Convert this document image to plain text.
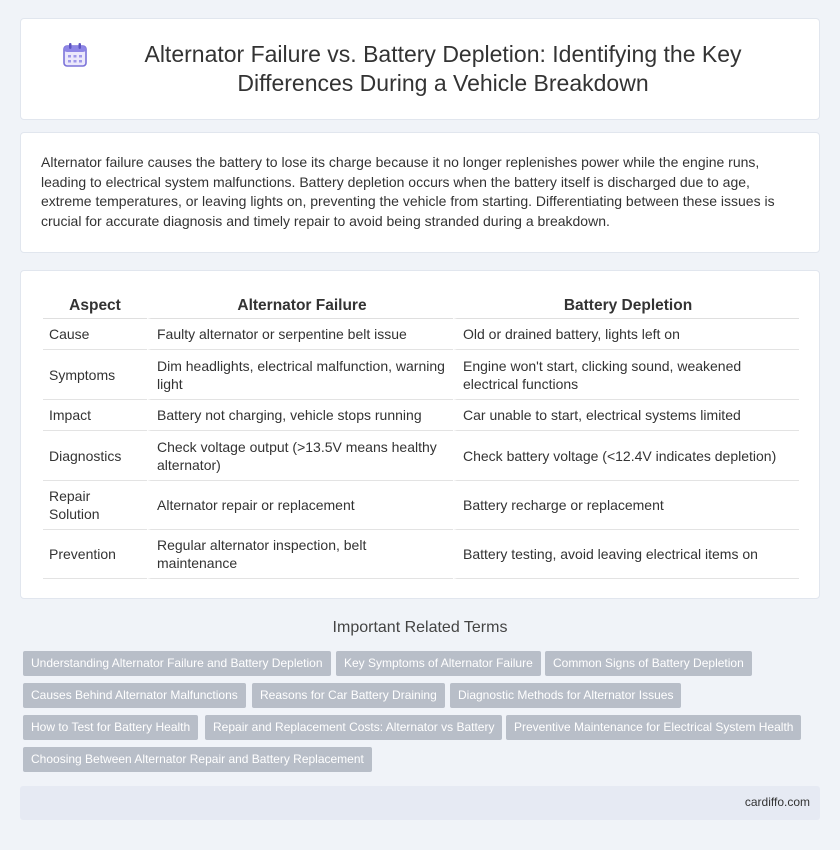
Alternator Failure vs. Battery Depletion: Identifying the Key Differences During a Vehicle Breakdown

Alternator failure causes the battery to lose its charge because it no longer replenishes power while the engine runs, leading to electrical system malfunctions. Battery depletion occurs when the battery itself is discharged due to age, extreme temperatures, or leaving lights on, preventing the vehicle from starting. Differentiating between these issues is crucial for accurate diagnosis and timely repair to avoid being stranded during a breakdown.

Aspect	Alternator Failure	Battery Depletion
Cause	Faulty alternator or serpentine belt issue	Old or drained battery, lights left on
Symptoms	Dim headlights, electrical malfunction, warning light	Engine won't start, clicking sound, weakened electrical functions
Impact	Battery not charging, vehicle stops running	Car unable to start, electrical systems limited
Diagnostics	Check voltage output (>13.5V means healthy alternator)	Check battery voltage (<12.4V indicates depletion)
Repair Solution	Alternator repair or replacement	Battery recharge or replacement
Prevention	Regular alternator inspection, belt maintenance	Battery testing, avoid leaving electrical items on
Important Related Terms
Understanding Alternator Failure and Battery Depletion	Key Symptoms of Alternator Failure	Common Signs of Battery Depletion
Causes Behind Alternator Malfunctions	Reasons for Car Battery Draining	Diagnostic Methods for Alternator Issues
How to Test for Battery Health	Repair and Replacement Costs: Alternator vs Battery	Preventive Maintenance for Electrical System Health
Choosing Between Alternator Repair and Battery Replacement
cardiffo.com
